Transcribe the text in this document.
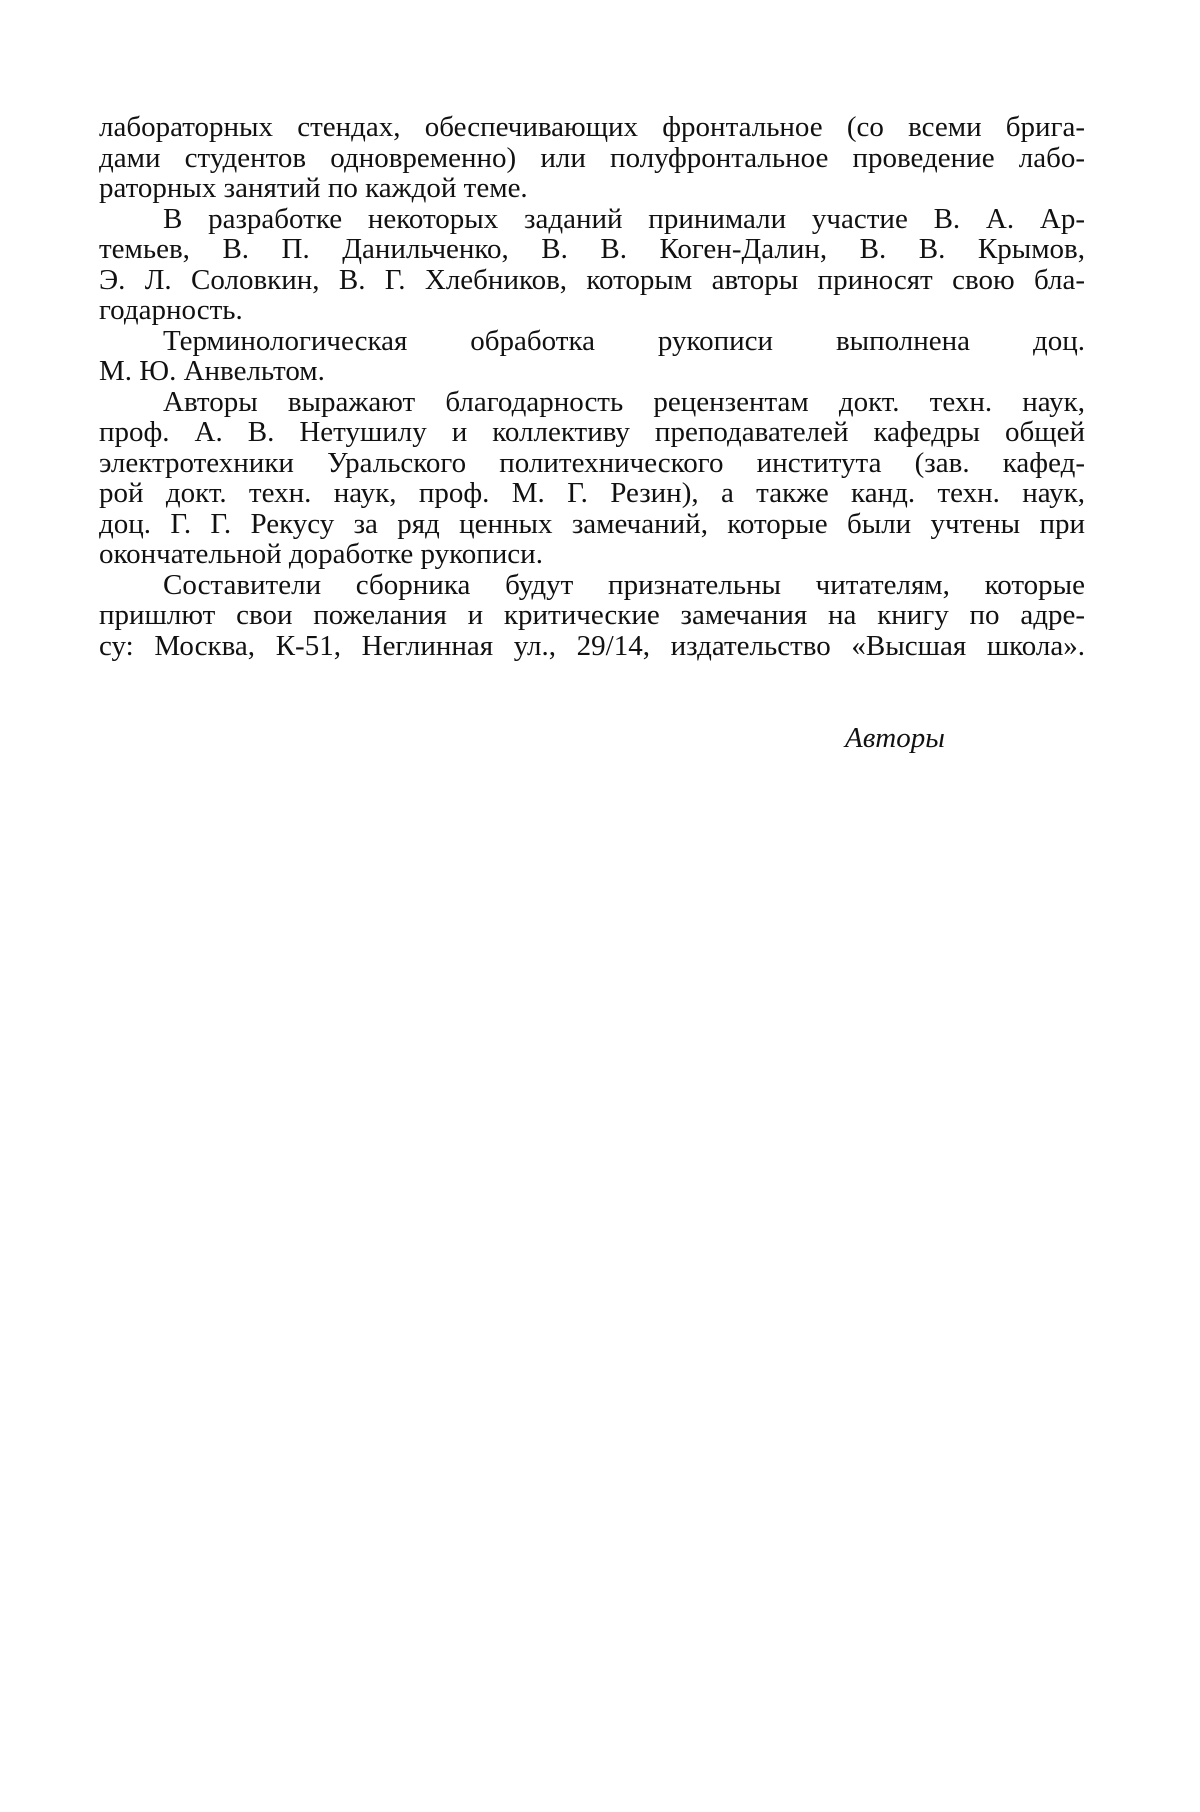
лабораторных стендах, обеспечивающих фронтальное (со всеми брига-
дами студентов одновременно) или полуфронтальное проведение лабо-
раторных занятий по каждой теме.
В разработке некоторых заданий принимали участие В. А. Ар-
темьев, В. П. Данильченко, В. В. Коген-Далин, В. В. Крымов,
Э. Л. Соловкин, В. Г. Хлебников, которым авторы приносят свою бла-
годарность.
Терминологическая обработка рукописи выполнена доц.
М. Ю. Анвельтом.
Авторы выражают благодарность рецензентам докт. техн. наук,
проф. А. В. Нетушилу и коллективу преподавателей кафедры общей
электротехники Уральского политехнического института (зав. кафед-
рой докт. техн. наук, проф. М. Г. Резин), а также канд. техн. наук,
доц. Г. Г. Рекусу за ряд ценных замечаний, которые были учтены при
окончательной доработке рукописи.
Составители сборника будут признательны читателям, которые
пришлют свои пожелания и критические замечания на книгу по адре-
су: Москва, К-51, Неглинная ул., 29/14, издательство «Высшая школа».
Авторы
